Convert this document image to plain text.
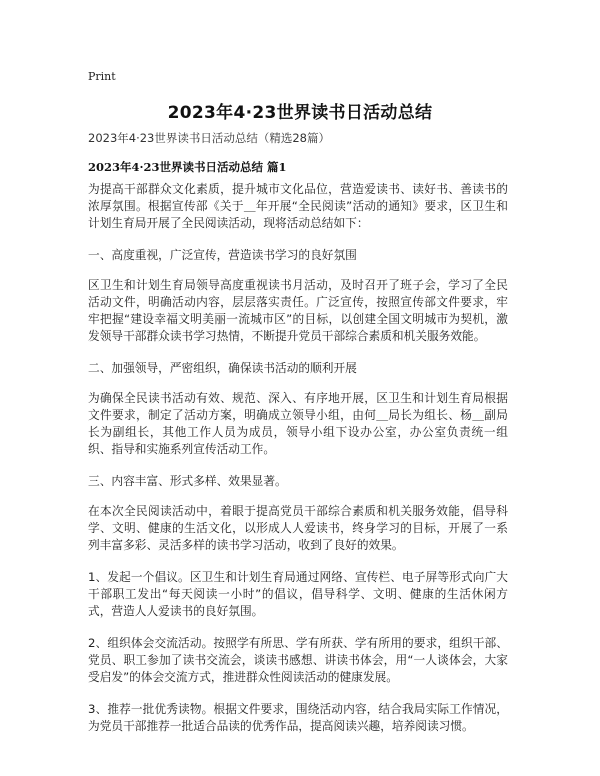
Print
2023年4·23世界读书日活动总结
2023年4·23世界读书日活动总结（精选28篇）
2023年4·23世界读书日活动总结 篇1

为提高干部群众文化素质，提升城市文化品位，营造爱读书、读好书、善读书的浓厚氛围。根据宣传部《关于＿年开展“全民阅读”活动的通知》要求，区卫生和计划生育局开展了全民阅读活动，现将活动总结如下：

一、高度重视，广泛宣传，营造读书学习的良好氛围

区卫生和计划生育局领导高度重视读书月活动，及时召开了班子会，学习了全民活动文件，明确活动内容，层层落实责任。广泛宣传，按照宣传部文件要求，牢牢把握“建设幸福文明美丽一流城市区”的目标，以创建全国文明城市为契机，激发领导干部群众读书学习热情，不断提升党员干部综合素质和机关服务效能。

二、加强领导，严密组织，确保读书活动的顺利开展

为确保全民读书活动有效、规范、深入、有序地开展，区卫生和计划生育局根据文件要求，制定了活动方案，明确成立领导小组，由何＿局长为组长、杨＿副局长为副组长，其他工作人员为成员，领导小组下设办公室，办公室负责统一组织、指导和实施系列宣传活动工作。

三、内容丰富、形式多样、效果显著。

在本次全民阅读活动中，着眼于提高党员干部综合素质和机关服务效能，倡导科学、文明、健康的生活文化，以形成人人爱读书，终身学习的目标，开展了一系列丰富多彩、灵活多样的读书学习活动，收到了良好的效果。

1、发起一个倡议。区卫生和计划生育局通过网络、宣传栏、电子屏等形式向广大干部职工发出“每天阅读一小时”的倡议，倡导科学、文明、健康的生活休闲方式，营造人人爱读书的良好氛围。

2、组织体会交流活动。按照学有所思、学有所获、学有所用的要求，组织干部、党员、职工参加了读书交流会，谈读书感想、讲读书体会，用“一人谈体会，大家受启发”的体会交流方式，推进群众性阅读活动的健康发展。

3、推荐一批优秀读物。根据文件要求，围绕活动内容，结合我局实际工作情况，为党员干部推荐一批适合品读的优秀作品，提高阅读兴趣，培养阅读习惯。
